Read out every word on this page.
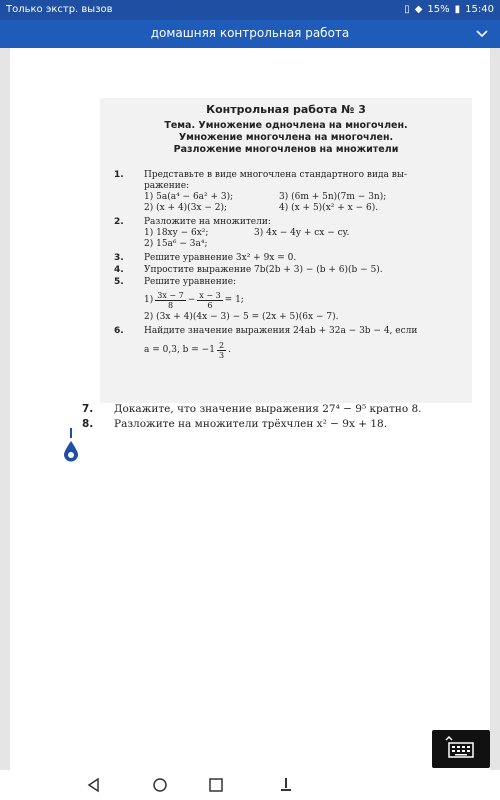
Только экстр. вызов	▯ ◆ 15% ▮ 15:40
домашняя контрольная работа
Контрольная работа № 3
Тема. Умножение одночлена на многочлен.
Умножение многочлена на многочлен.
Разложение многочленов на множители
1. Представьте в виде многочлена стандартного вида вы-
ражение:
1) 5a(a⁴ − 6a² + 3);	3) (6m + 5n)(7m − 3n);
2) (x + 4)(3x − 2);	4) (x + 5)(x² + x − 6).
2. Разложите на множители:
1) 18xy − 6x²;	3) 4x − 4y + cx − cy.
2) 15a⁶ − 3a⁴;
3. Решите уравнение 3x² + 9x = 0.
4. Упростите выражение 7b(2b + 3) − (b + 6)(b − 5).
5. Решите уравнение:
$1) \frac{3x - 7}{8} - \frac{x - 3}{6} = 1$;
2) (3x + 4)(4x − 3) − 5 = (2x + 5)(6x − 7).
6. Найдите значение выражения 24ab + 32a − 3b − 4, если
a = 0,3, $b = -1 \frac{2}{3}$ .
7. Докажите, что значение выражения 27⁴ − 9⁵ кратно 8.
8. Разложите на множители трёхчлен x² − 9x + 18.
